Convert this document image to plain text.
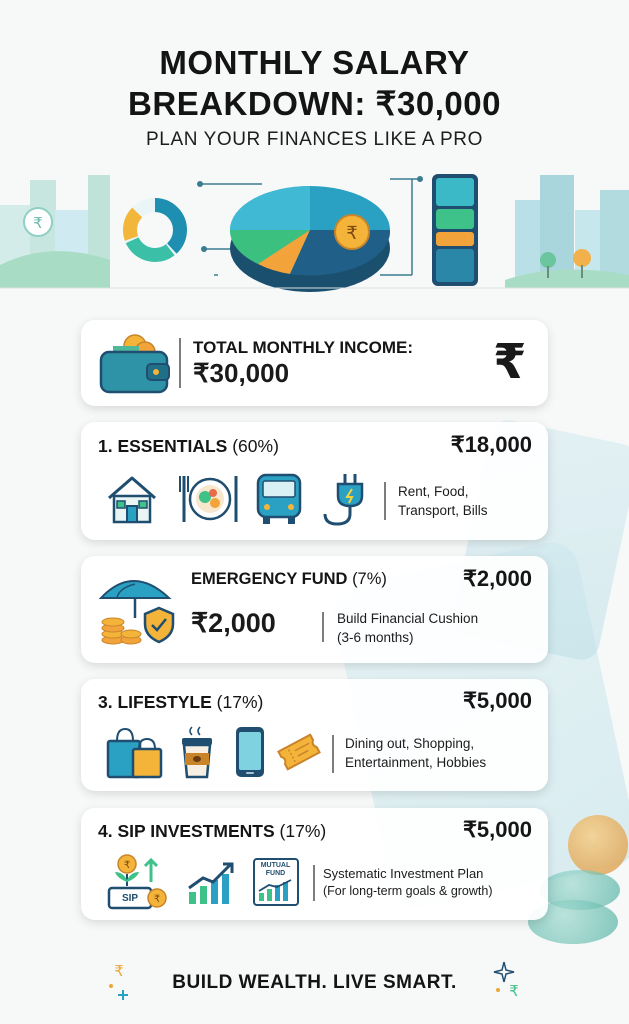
MONTHLY SALARY
BREAKDOWN: ₹30,000
PLAN YOUR FINANCES LIKE A PRO
₹	₹
TOTAL MONTHLY INCOME:
₹30,000	₹
1. ESSENTIALS (60%)	₹18,000
Rent, Food,
Transport, Bills
EMERGENCY FUND (7%)	₹2,000
₹2,000	Build Financial Cushion
(3-6 months)
3. LIFESTYLE (17%)	₹5,000
Dining out, Shopping,
Entertainment, Hobbies
4. SIP INVESTMENTS (17%)	₹5,000
₹
₹
SIP
MUTUAL
FUND	Systematic Investment Plan
(For long-term goals & growth)
₹
BUILD WEALTH. LIVE SMART.	₹
